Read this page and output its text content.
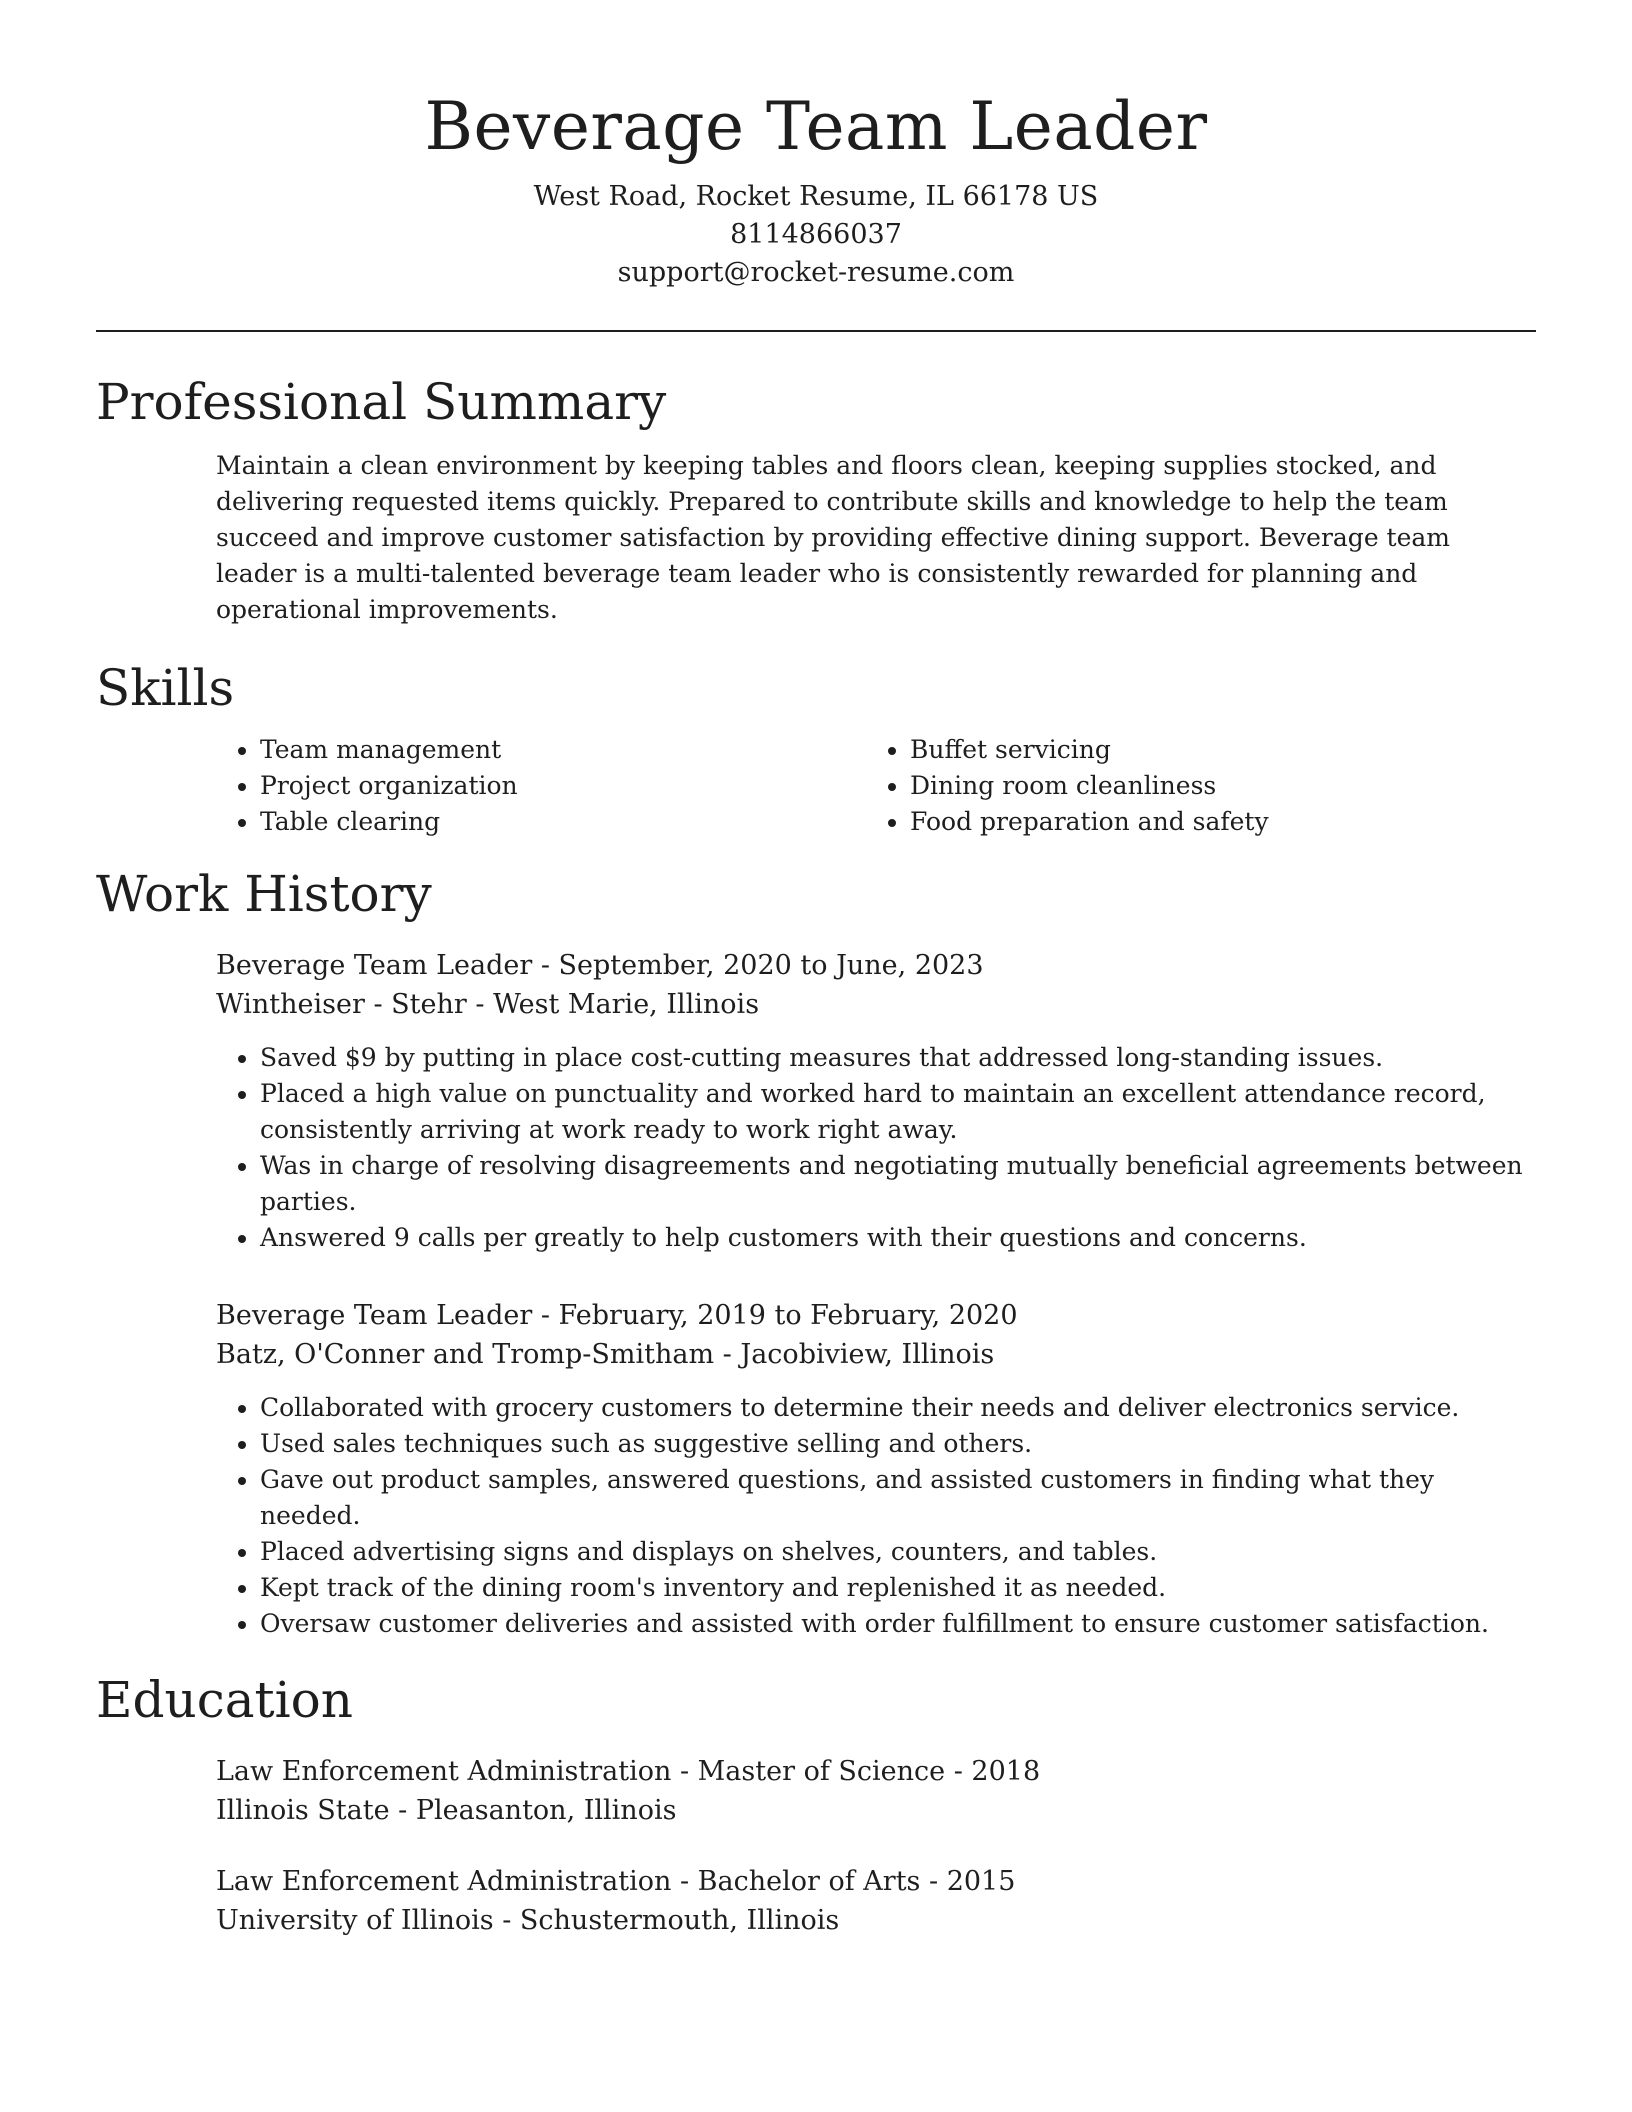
Beverage Team Leader
West Road, Rocket Resume, IL 66178 US
8114866037
support@rocket-resume.com
Professional Summary

Maintain a clean environment by keeping tables and floors clean, keeping supplies stocked, and delivering requested items quickly. Prepared to contribute skills and knowledge to help the team succeed and improve customer satisfaction by providing effective dining support. Beverage team leader is a multi-talented beverage team leader who is consistently rewarded for planning and operational improvements.

Skills
• Team management
• Project organization
• Table clearing
• Buffet servicing
• Dining room cleanliness
• Food preparation and safety
Work History
Beverage Team Leader - September, 2020 to June, 2023
Wintheiser - Stehr - West Marie, Illinois
• Saved $9 by putting in place cost-cutting measures that addressed long-standing issues.
• Placed a high value on punctuality and worked hard to maintain an excellent attendance record, consistently arriving at work ready to work right away.
• Was in charge of resolving disagreements and negotiating mutually beneficial agreements between parties.
• Answered 9 calls per greatly to help customers with their questions and concerns.
Beverage Team Leader - February, 2019 to February, 2020
Batz, O'Conner and Tromp-Smitham - Jacobiview, Illinois
• Collaborated with grocery customers to determine their needs and deliver electronics service.
• Used sales techniques such as suggestive selling and others.
• Gave out product samples, answered questions, and assisted customers in finding what they needed.
• Placed advertising signs and displays on shelves, counters, and tables.
• Kept track of the dining room's inventory and replenished it as needed.
• Oversaw customer deliveries and assisted with order fulfillment to ensure customer satisfaction.
Education
Law Enforcement Administration - Master of Science - 2018
Illinois State - Pleasanton, Illinois
Law Enforcement Administration - Bachelor of Arts - 2015
University of Illinois - Schustermouth, Illinois
